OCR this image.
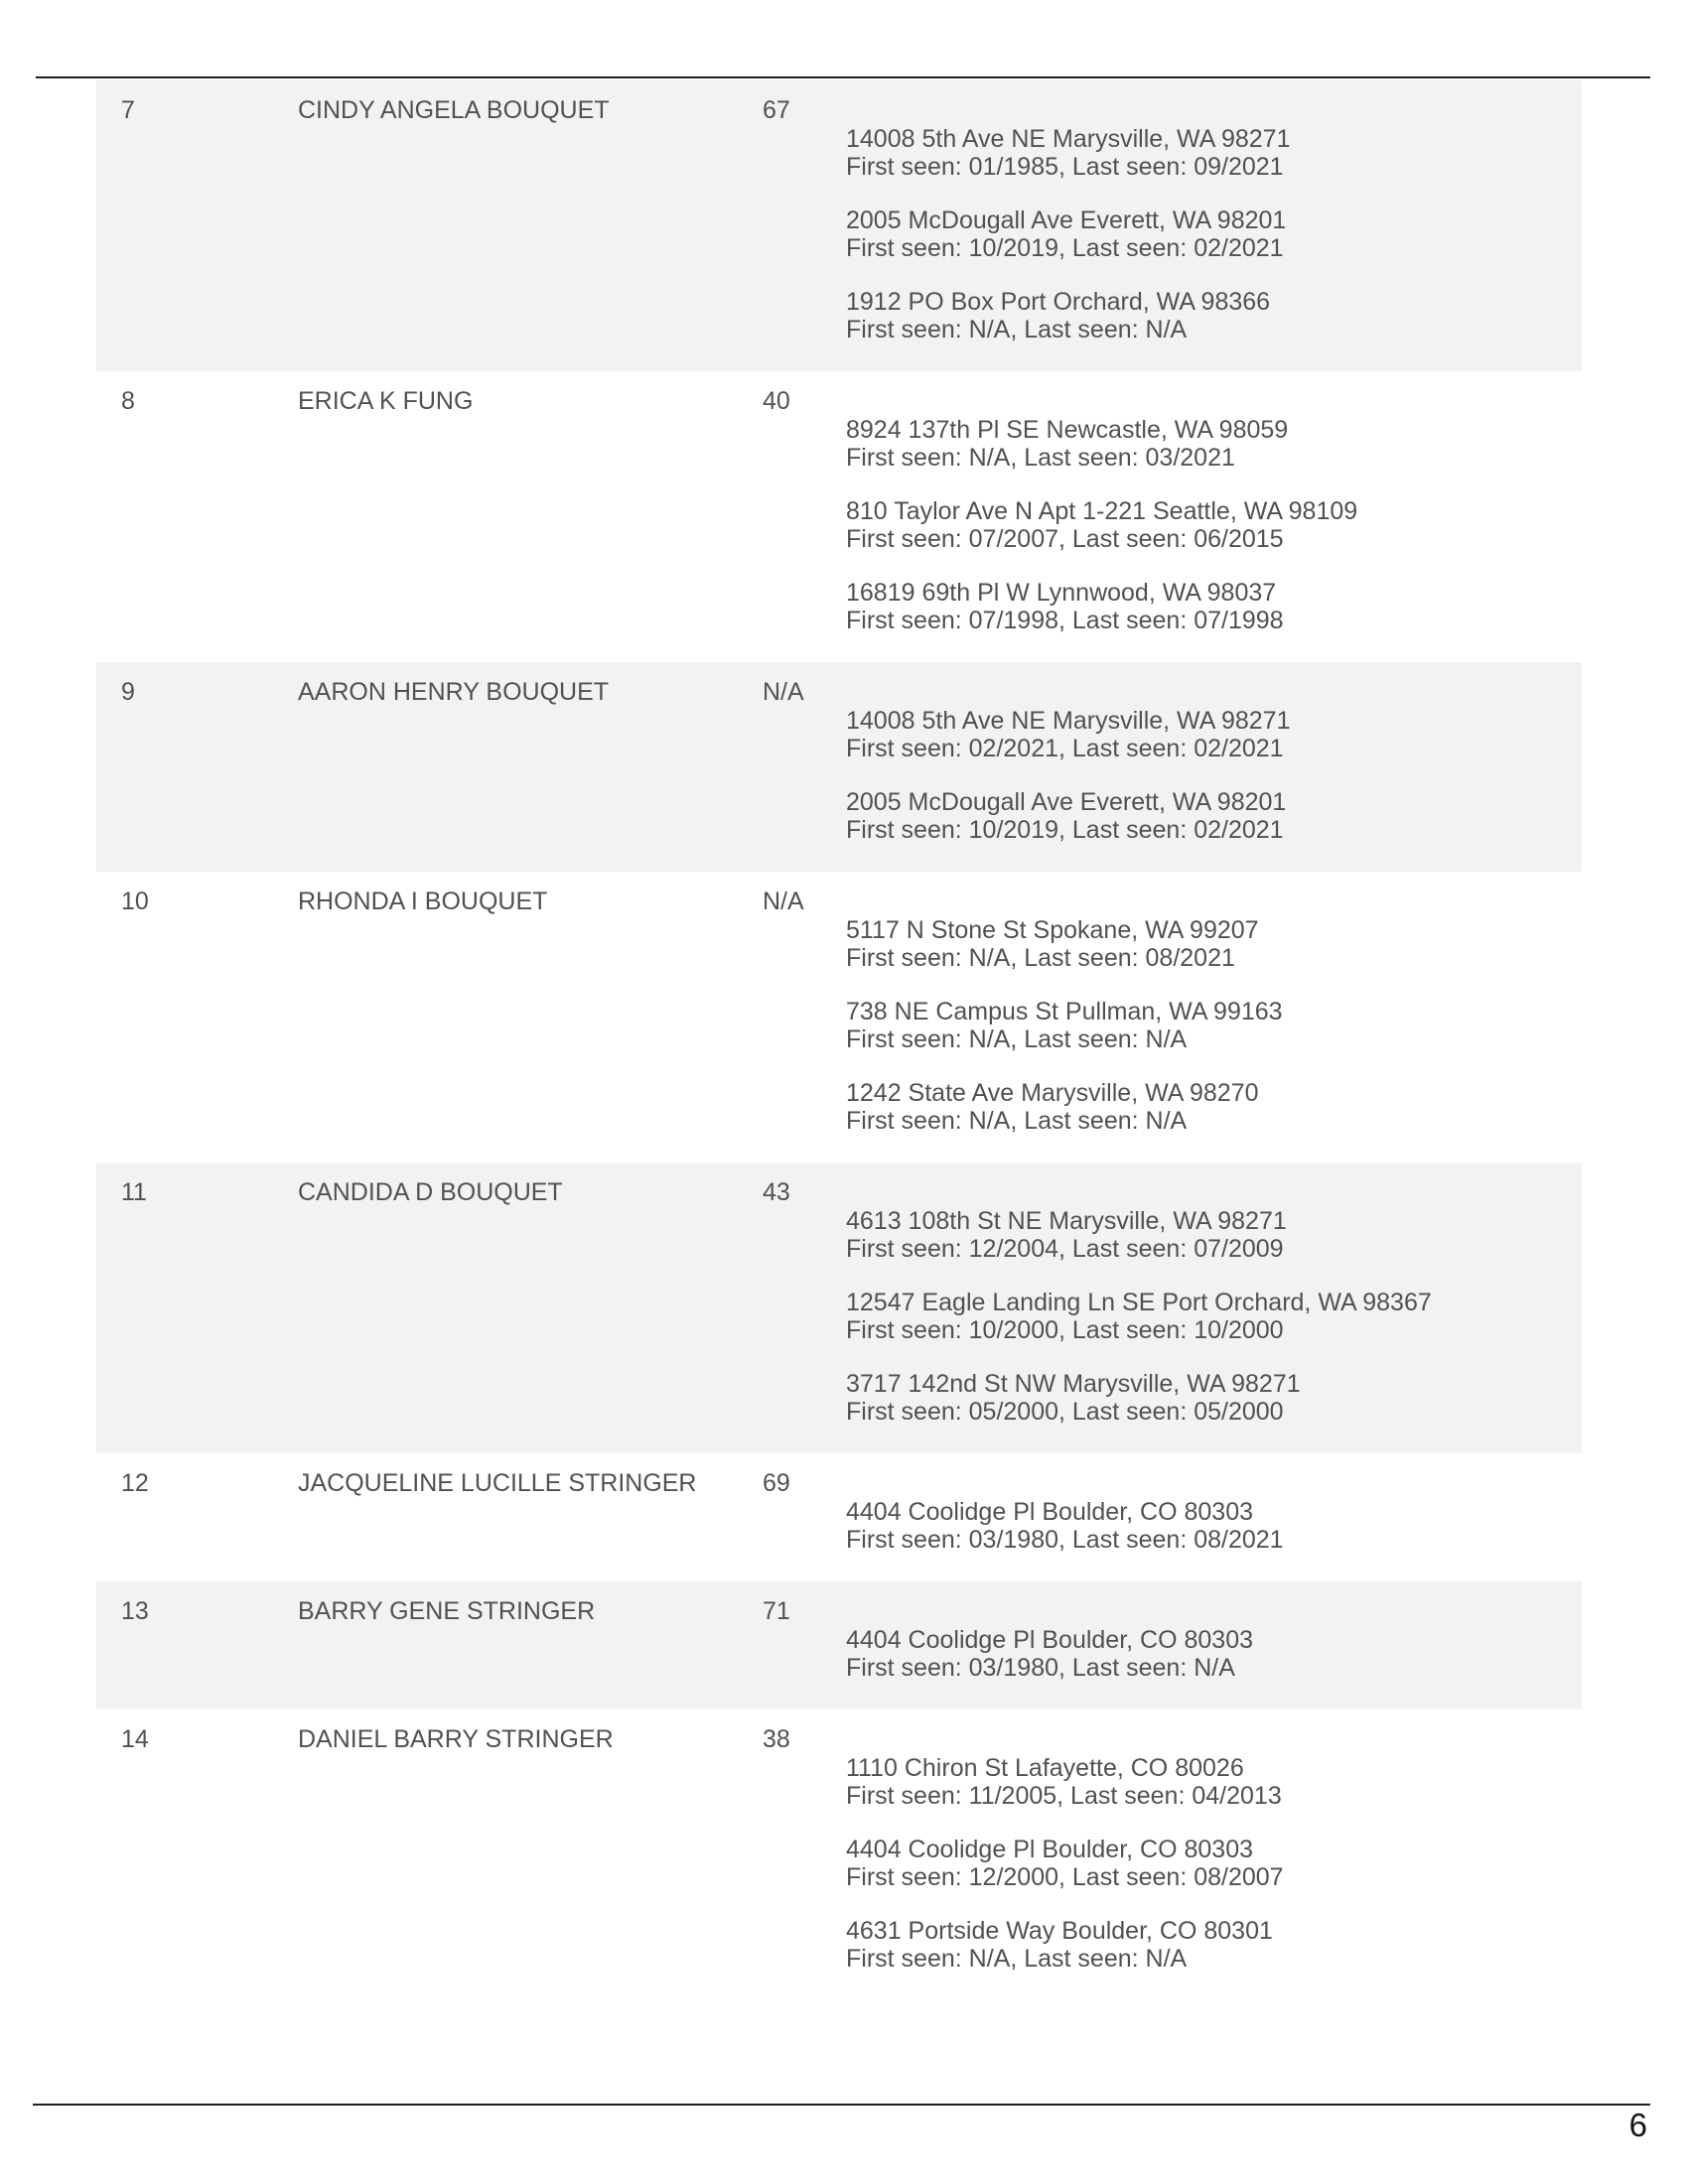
7	CINDY ANGELA BOUQUET	67
14008 5th Ave NE Marysville, WA 98271
First seen: 01/1985, Last seen: 09/2021
2005 McDougall Ave Everett, WA 98201
First seen: 10/2019, Last seen: 02/2021
1912 PO Box Port Orchard, WA 98366
First seen: N/A, Last seen: N/A
8	ERICA K FUNG	40
8924 137th Pl SE Newcastle, WA 98059
First seen: N/A, Last seen: 03/2021
810 Taylor Ave N Apt 1-221 Seattle, WA 98109
First seen: 07/2007, Last seen: 06/2015
16819 69th Pl W Lynnwood, WA 98037
First seen: 07/1998, Last seen: 07/1998
9	AARON HENRY BOUQUET	N/A
14008 5th Ave NE Marysville, WA 98271
First seen: 02/2021, Last seen: 02/2021
2005 McDougall Ave Everett, WA 98201
First seen: 10/2019, Last seen: 02/2021
10	RHONDA I BOUQUET	N/A
5117 N Stone St Spokane, WA 99207
First seen: N/A, Last seen: 08/2021
738 NE Campus St Pullman, WA 99163
First seen: N/A, Last seen: N/A
1242 State Ave Marysville, WA 98270
First seen: N/A, Last seen: N/A
11	CANDIDA D BOUQUET	43
4613 108th St NE Marysville, WA 98271
First seen: 12/2004, Last seen: 07/2009
12547 Eagle Landing Ln SE Port Orchard, WA 98367
First seen: 10/2000, Last seen: 10/2000
3717 142nd St NW Marysville, WA 98271
First seen: 05/2000, Last seen: 05/2000
12	JACQUELINE LUCILLE STRINGER	69
4404 Coolidge Pl Boulder, CO 80303
First seen: 03/1980, Last seen: 08/2021
13	BARRY GENE STRINGER	71
4404 Coolidge Pl Boulder, CO 80303
First seen: 03/1980, Last seen: N/A
14	DANIEL BARRY STRINGER	38
1110 Chiron St Lafayette, CO 80026
First seen: 11/2005, Last seen: 04/2013
4404 Coolidge Pl Boulder, CO 80303
First seen: 12/2000, Last seen: 08/2007
4631 Portside Way Boulder, CO 80301
First seen: N/A, Last seen: N/A
6
